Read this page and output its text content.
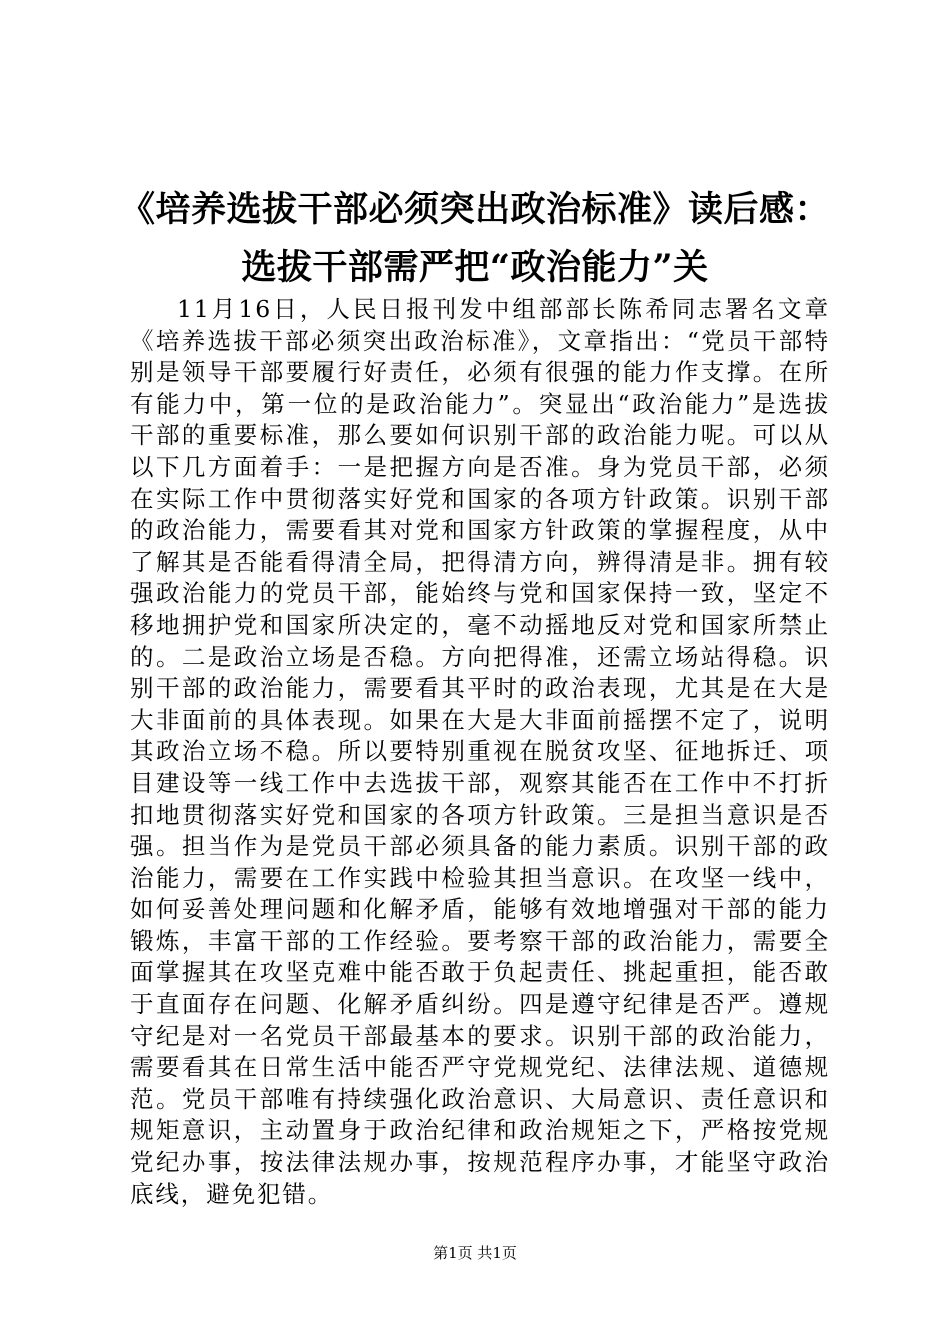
《培养选拔干部必须突出政治标准》读后感：
选拔干部需严把“政治能力”关

11月16日，人民日报刊发中组部部长陈希同志署名文章《培养选拔干部必须突出政治标准》，文章指出：“党员干部特别是领导干部要履行好责任，必须有很强的能力作支撑。在所有能力中，第一位的是政治能力”。突显出“政治能力”是选拔干部的重要标准，那么要如何识别干部的政治能力呢。可以从以下几方面着手：一是把握方向是否准。身为党员干部，必须在实际工作中贯彻落实好党和国家的各项方针政策。识别干部的政治能力，需要看其对党和国家方针政策的掌握程度，从中了解其是否能看得清全局，把得清方向，辨得清是非。拥有较强政治能力的党员干部，能始终与党和国家保持一致，坚定不移地拥护党和国家所决定的，毫不动摇地反对党和国家所禁止的。二是政治立场是否稳。方向把得准，还需立场站得稳。识别干部的政治能力，需要看其平时的政治表现，尤其是在大是大非面前的具体表现。如果在大是大非面前摇摆不定了，说明其政治立场不稳。所以要特别重视在脱贫攻坚、征地拆迁、项目建设等一线工作中去选拔干部，观察其能否在工作中不打折扣地贯彻落实好党和国家的各项方针政策。三是担当意识是否强。担当作为是党员干部必须具备的能力素质。识别干部的政治能力，需要在工作实践中检验其担当意识。在攻坚一线中，如何妥善处理问题和化解矛盾，能够有效地增强对干部的能力锻炼，丰富干部的工作经验。要考察干部的政治能力，需要全面掌握其在攻坚克难中能否敢于负起责任、挑起重担，能否敢于直面存在问题、化解矛盾纠纷。四是遵守纪律是否严。遵规守纪是对一名党员干部最基本的要求。识别干部的政治能力，需要看其在日常生活中能否严守党规党纪、法律法规、道德规范。党员干部唯有持续强化政治意识、大局意识、责任意识和规矩意识，主动置身于政治纪律和政治规矩之下，严格按党规党纪办事，按法律法规办事，按规范程序办事，才能坚守政治底线，避免犯错。

第1页 共1页
